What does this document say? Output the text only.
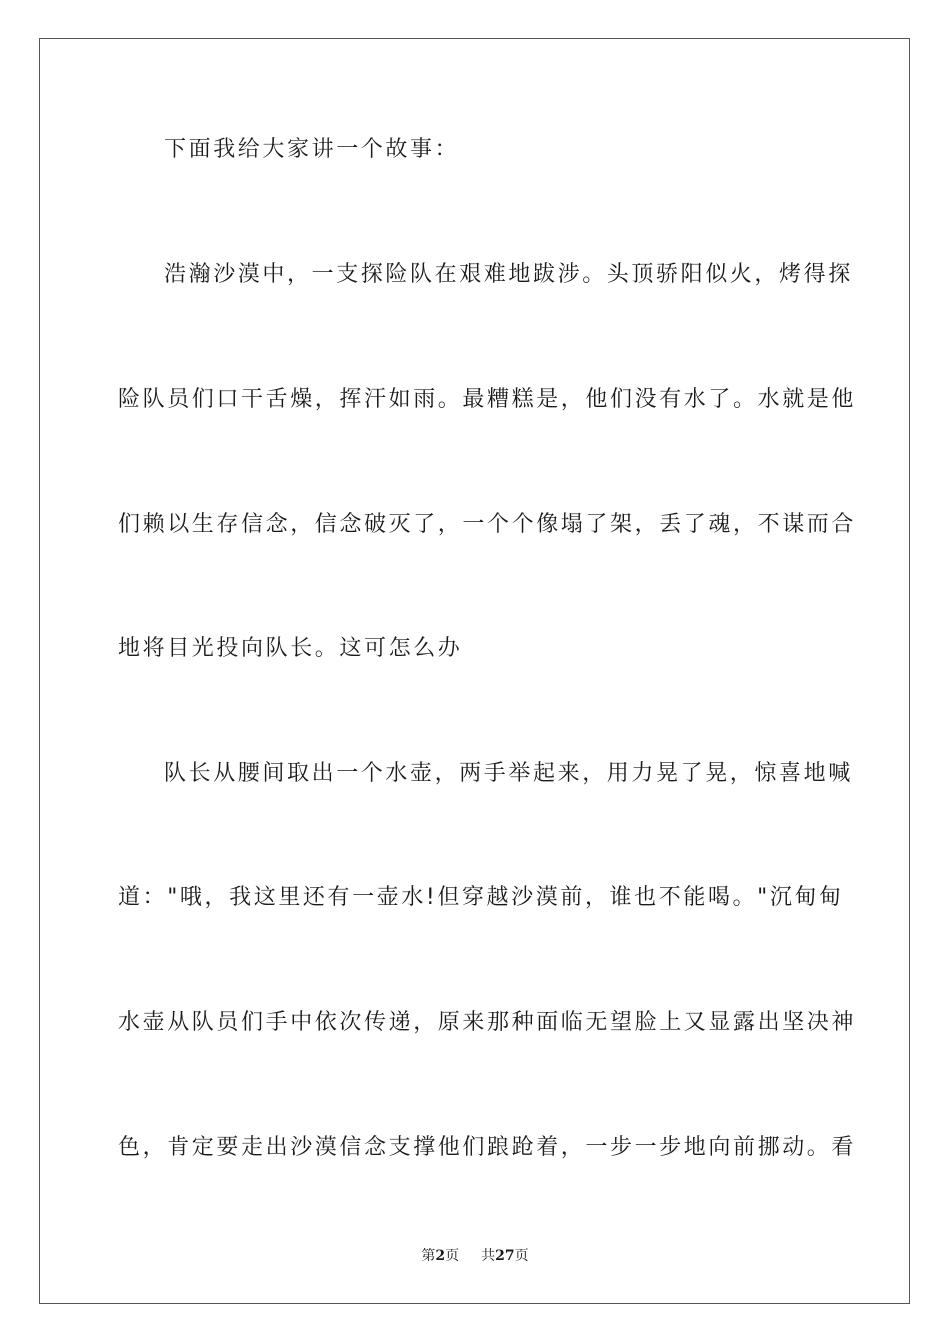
下面我给大家讲一个故事：
浩瀚沙漠中，一支探险队在艰难地跋涉。头顶骄阳似火，烤得探
险队员们口干舌燥，挥汗如雨。最糟糕是，他们没有水了。水就是他
们赖以生存信念，信念破灭了，一个个像塌了架，丢了魂，不谋而合
地将目光投向队长。这可怎么办
队长从腰间取出一个水壶，两手举起来，用力晃了晃，惊喜地喊
道："哦，我这里还有一壶水!但穿越沙漠前，谁也不能喝。"沉甸甸
水壶从队员们手中依次传递，原来那种面临无望脸上又显露出坚决神
色，肯定要走出沙漠信念支撑他们踉跄着，一步一步地向前挪动。看
第2页 共27页
